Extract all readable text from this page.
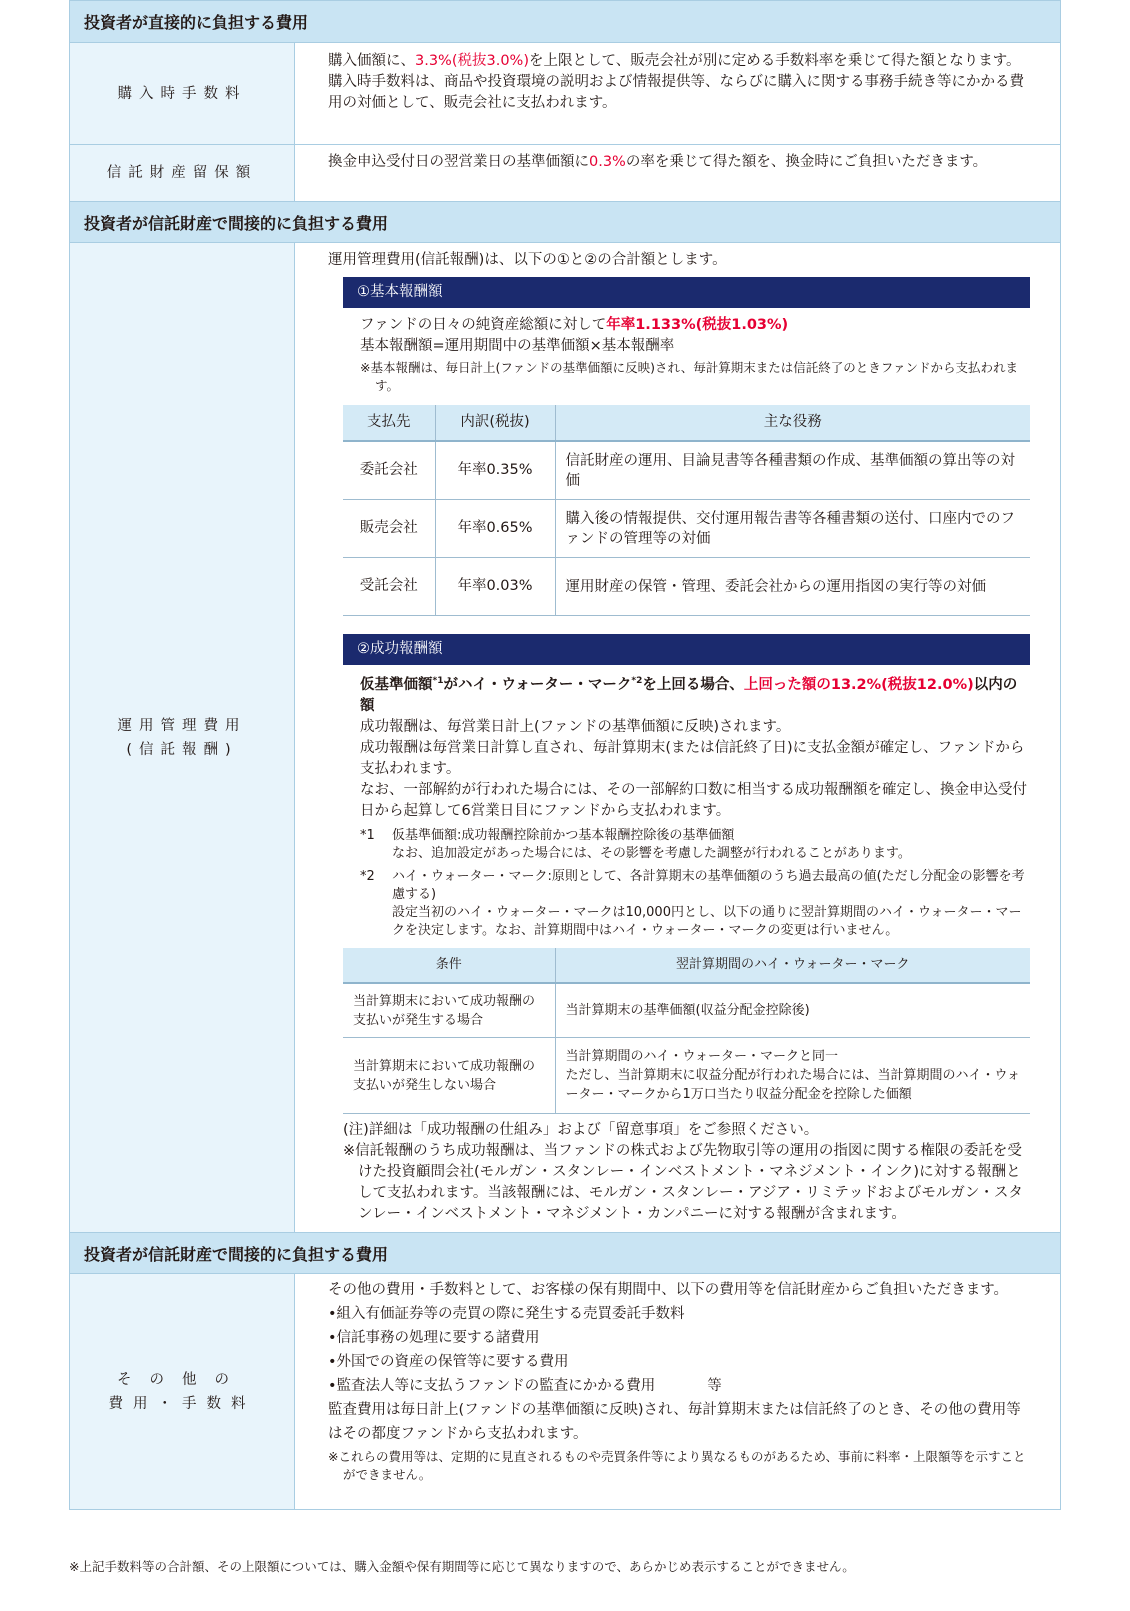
投資者が直接的に負担する費用
購入時手数料
購入価額に、3.3%(税抜3.0%)を上限として、販売会社が別に定める手数料率を乗じて得た額となります。
購入時手数料は、商品や投資環境の説明および情報提供等、ならびに購入に関する事務手続き等にかかる費用の対価として、販売会社に支払われます。
信託財産留保額
換金申込受付日の翌営業日の基準価額に0.3%の率を乗じて得た額を、換金時にご負担いただきます。
投資者が信託財産で間接的に負担する費用
運用管理費用
(信託報酬)
運用管理費用(信託報酬)は、以下の①と②の合計額とします。
①基本報酬額
ファンドの日々の純資産総額に対して年率1.133%(税抜1.03%)
基本報酬額=運用期間中の基準価額×基本報酬率
※基本報酬は、毎日計上(ファンドの基準価額に反映)され、毎計算期末または信託終了のときファンドから支払われます。
支払先	内訳(税抜)	主な役務
委託会社	年率0.35%	信託財産の運用、目論見書等各種書類の作成、基準価額の算出等の対価
販売会社	年率0.65%	購入後の情報提供、交付運用報告書等各種書類の送付、口座内でのファンドの管理等の対価
受託会社	年率0.03%	運用財産の保管・管理、委託会社からの運用指図の実行等の対価
②成功報酬額
仮基準価額$^{*1}$がハイ・ウォーター・マーク$^{*2}$を上回る場合、上回った額の13.2%(税抜12.0%)以内の額
成功報酬は、毎営業日計上(ファンドの基準価額に反映)されます。
成功報酬は毎営業日計算し直され、毎計算期末(または信託終了日)に支払金額が確定し、ファンドから支払われます。
なお、一部解約が行われた場合には、その一部解約口数に相当する成功報酬額を確定し、換金申込受付日から起算して6営業日目にファンドから支払われます。
*1	仮基準価額:成功報酬控除前かつ基本報酬控除後の基準価額
なお、追加設定があった場合には、その影響を考慮した調整が行われることがあります。
*2	ハイ・ウォーター・マーク:原則として、各計算期末の基準価額のうち過去最高の値(ただし分配金の影響を考慮する)
設定当初のハイ・ウォーター・マークは10,000円とし、以下の通りに翌計算期間のハイ・ウォーター・マークを決定します。なお、計算期間中はハイ・ウォーター・マークの変更は行いません。
条件	翌計算期間のハイ・ウォーター・マーク
当計算期末において成功報酬の支払いが発生する場合	当計算期末の基準価額(収益分配金控除後)
当計算期末において成功報酬の支払いが発生しない場合	当計算期間のハイ・ウォーター・マークと同一
ただし、当計算期末に収益分配が行われた場合には、当計算期間のハイ・ウォーター・マークから1万口当たり収益分配金を控除した価額
(注)詳細は「成功報酬の仕組み」および「留意事項」をご参照ください。
※信託報酬のうち成功報酬は、当ファンドの株式および先物取引等の運用の指図に関する権限の委託を受けた投資顧問会社(モルガン・スタンレー・インベストメント・マネジメント・インク)に対する報酬として支払われます。当該報酬には、モルガン・スタンレー・アジア・リミテッドおよびモルガン・スタンレー・インベストメント・マネジメント・カンパニーに対する報酬が含まれます。
投資者が信託財産で間接的に負担する費用
その他の
費用・手数料
その他の費用・手数料として、お客様の保有期間中、以下の費用等を信託財産からご負担いただきます。
•組入有価証券等の売買の際に発生する売買委託手数料
•信託事務の処理に要する諸費用
•外国での資産の保管等に要する費用
•監査法人等に支払うファンドの監査にかかる費用	等
監査費用は毎日計上(ファンドの基準価額に反映)され、毎計算期末または信託終了のとき、その他の費用等はその都度ファンドから支払われます。
※これらの費用等は、定期的に見直されるものや売買条件等により異なるものがあるため、事前に料率・上限額等を示すことができません。
※上記手数料等の合計額、その上限額については、購入金額や保有期間等に応じて異なりますので、あらかじめ表示することができません。
